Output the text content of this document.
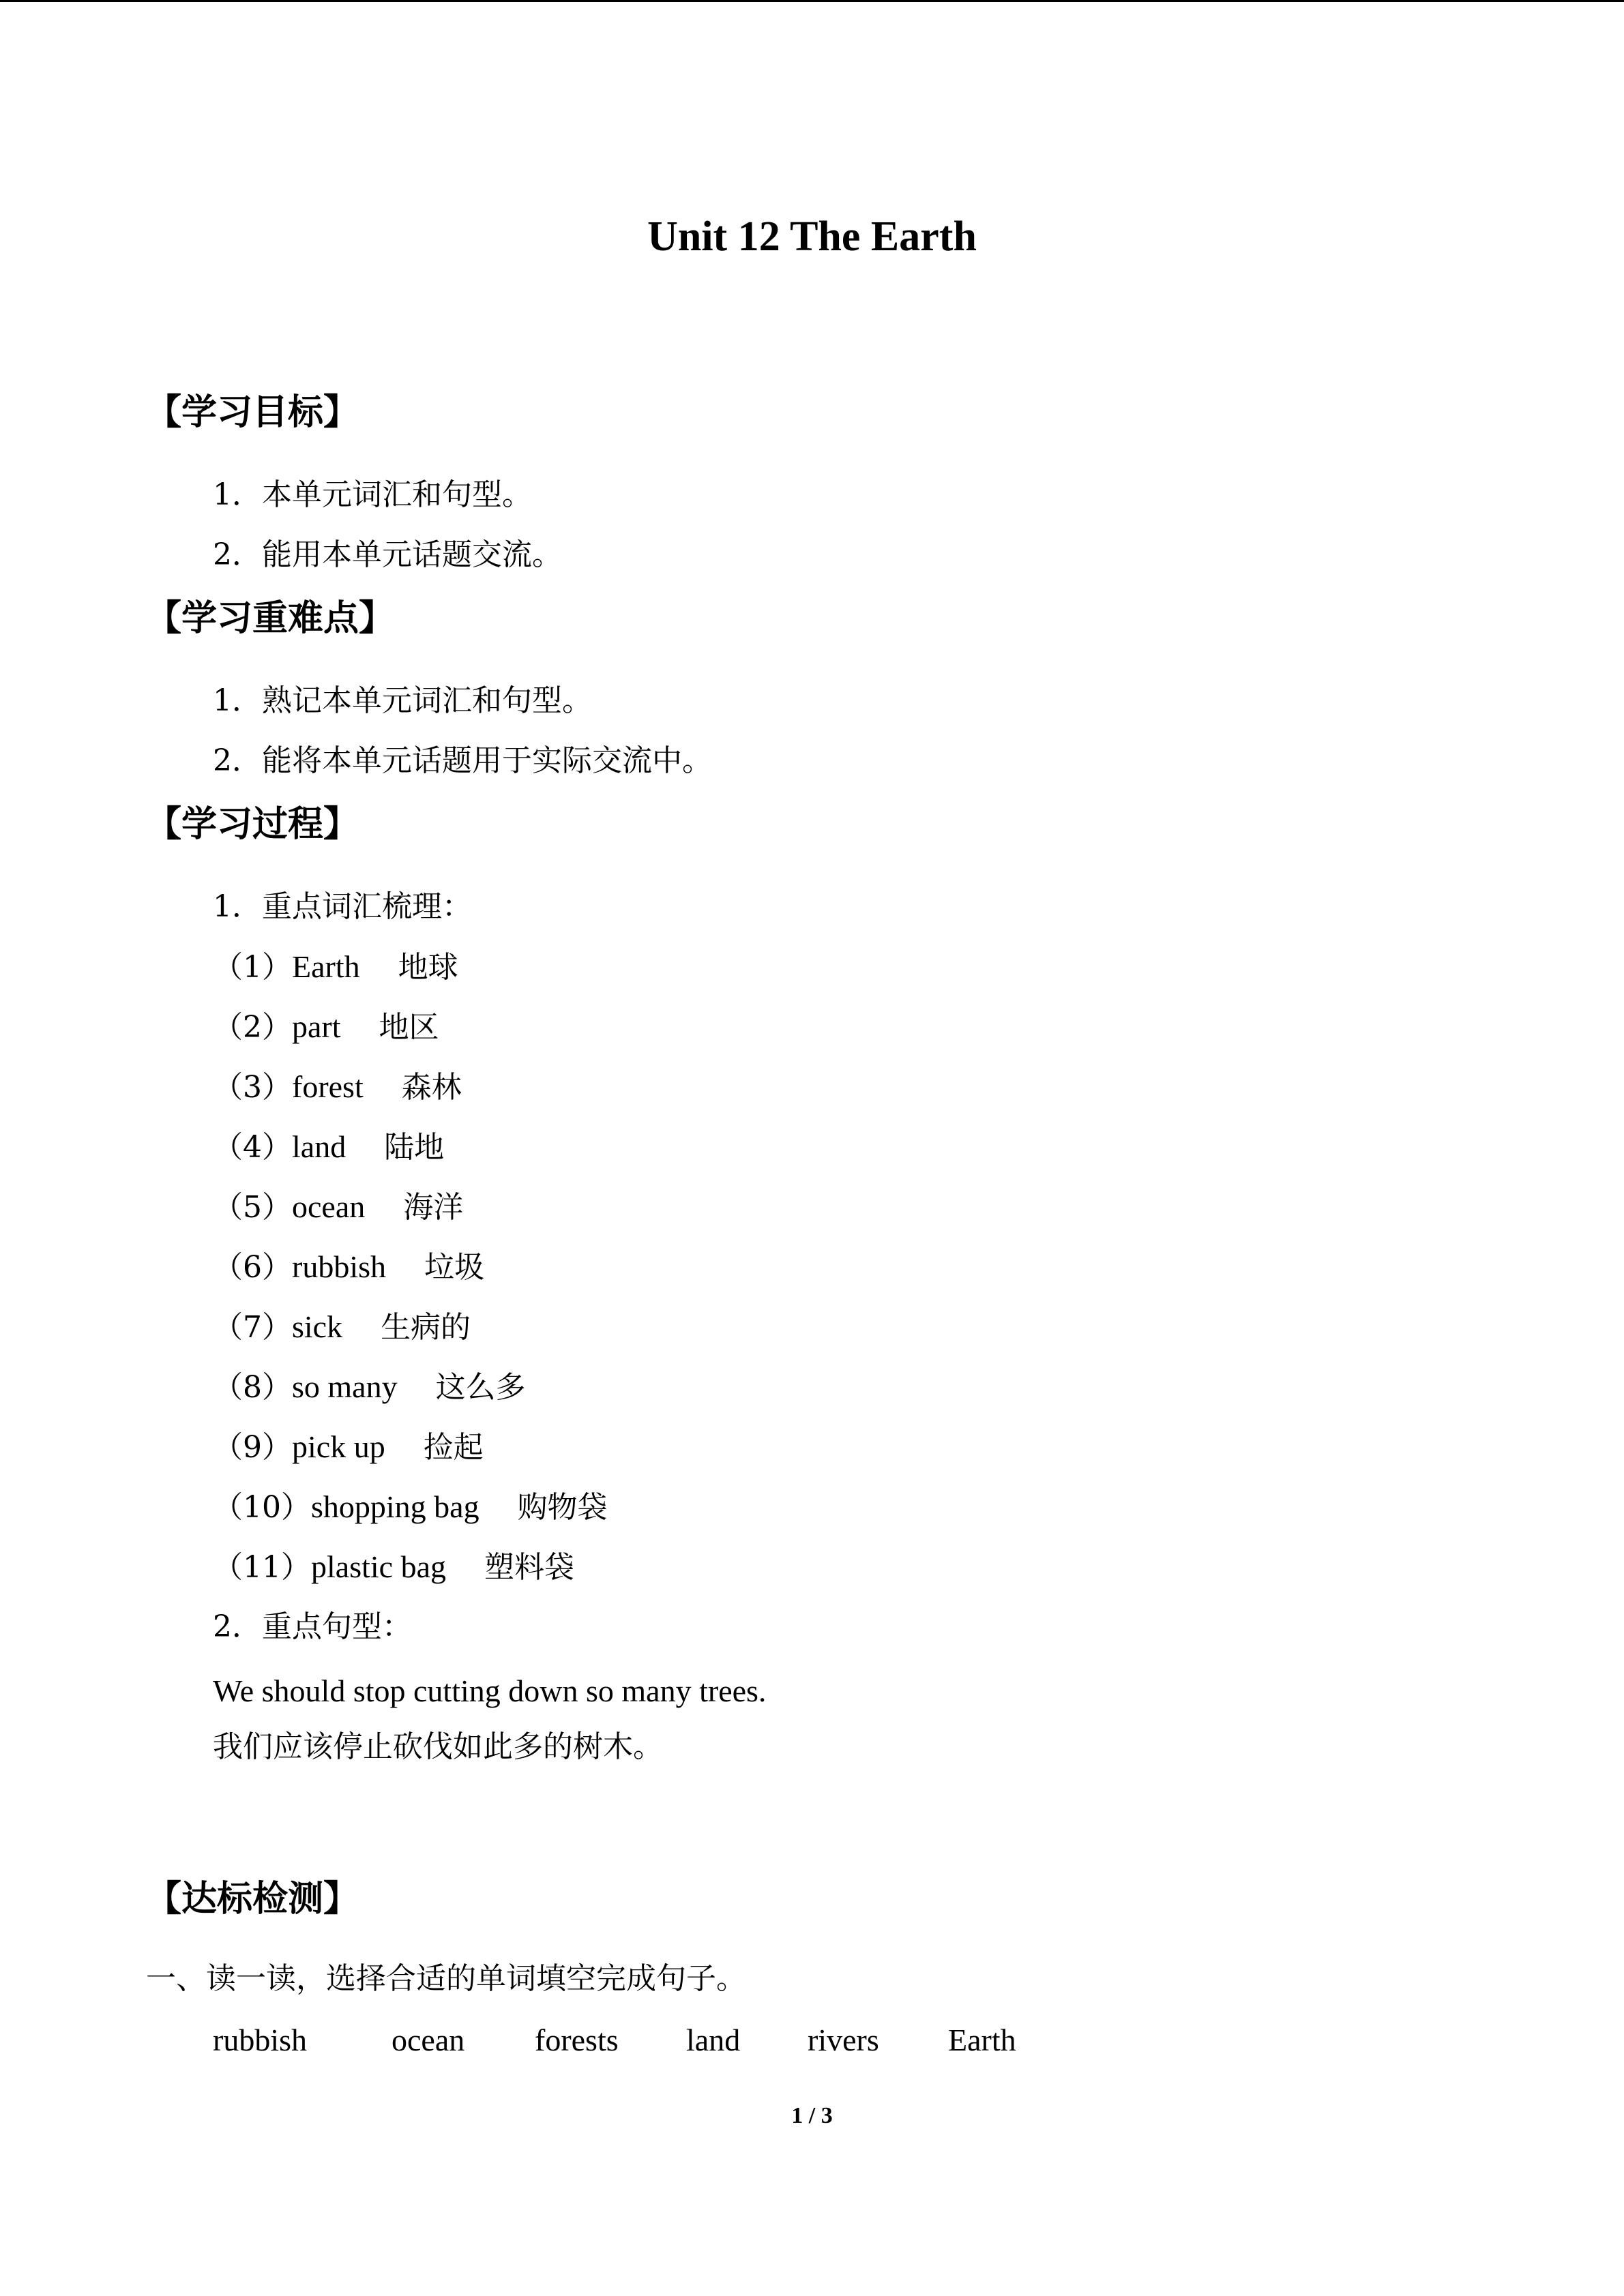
Unit 12 The Earth
【学习目标】
1．本单元词汇和句型。
2．能用本单元话题交流。
【学习重难点】
1．熟记本单元词汇和句型。
2．能将本单元话题用于实际交流中。
【学习过程】
1．重点词汇梳理：
（1）Earth 地球
（2）part 地区
（3）forest 森林
（4）land 陆地
（5）ocean 海洋
（6）rubbish 垃圾
（7）sick 生病的
（8）so many 这么多
（9）pick up 捡起
（10）shopping bag 购物袋
（11）plastic bag 塑料袋
2．重点句型：
We should stop cutting down so many trees.
我们应该停止砍伐如此多的树木。
【达标检测】
一、读一读，选择合适的单词填空完成句子。
rubbish	ocean forests land rivers Earth
1 / 3
